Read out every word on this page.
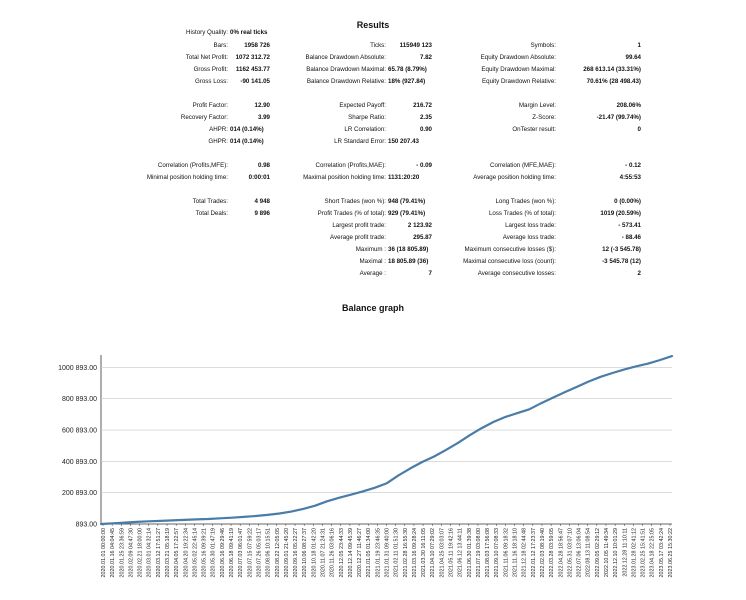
Results
History Quality: 0% real ticks
Bars:	1958 726	Ticks: 115949 123	Symbols:	1
Total Net Profit: 1072 312.72	Balance Drawdown Absolute:	7.82	Equity Drawdown Absolute:	99.64
Gross Profit: 1162 453.77	Balance Drawdown Maximal: 65.78 (8.79%)	Equity Drawdown Maximal:	268 613.14 (33.31%)
Gross Loss: -90 141.05	Balance Drawdown Relative: 18% (927.84)	Equity Drawdown Relative:	70.61% (28 498.43)
Profit Factor:	12.90	Expected Payoff:	216.72	Margin Level:	208.06%
Recovery Factor:	3.99	Sharpe Ratio:	2.35	Z-Score:	-21.47 (99.74%)
AHPR: 014 (0.14%)	LR Correlation:	0.90	OnTester result:	0
GHPR: 014 (0.14%)	LR Standard Error: 150 207.43
Correlation (Profits,MFE):	0.98	Correlation (Profits,MAE):	- 0.09	Correlation (MFE,MAE):	- 0.12
Minimal position holding time:	0:00:01	Maximal position holding time: 1131:20:20	Average position holding time:	4:55:53
Total Trades:	4 948	Short Trades (won %): 948 (79.41%)	Long Trades (won %):	0 (0.00%)
Total Deals:	9 896	Profit Trades (% of total): 929 (79.41%)	Loss Trades (% of total):	1019 (20.59%)
Largest profit trade:	2 123.92	Largest loss trade:	- 573.41
Average profit trade:	295.87	Average loss trade:	- 88.46
Maximum : 36 (18 805.89)	Maximum consecutive losses ($):	12 (-3 545.78)
Maximal : 18 805.89 (36)	Maximal consecutive loss (count):	-3 545.78 (12)
Average :	7	Average consecutive losses:	2
Balance graph
893.00
200 893.00
400 893.00
600 893.00
800 893.00
1000 893.00
2020.01.01 00:00:00 2020.01.16 04:04:45 2020.01.25 23:36:59 2020.02.09 04:47:30 2020.02.21 18:00:00 2020.03.01 04:32:14 2020.03.12 17:51:27 2020.03.21 05:18:19 2020.04.05 17:22:57 2020.04.20 19:22:34 2020.05.02 22:45:14 2020.05.16 09:39:21 2020.05.30 01:47:19 2020.06.16 09:29:46 2020.06.18 09:41:19 2020.07.03 06:01:47 2020.07.15 07:59:22 2020.07.26 05:03:17 2020.08.06 10:15:51 2020.08.22 12:05:05 2020.09.01 21:45:20 2020.09.16 05:22:27 2020.10.06 08:27:37 2020.10.18 01:42:20 2020.11.07 21:24:31 2020.11.26 03:06:16 2020.12.05 23:44:33 2020.12.14 09:45:39 2020.12.27 11:46:27 2021.01.05 01:34:00 2021.01.19 23:46:35 2021.01.31 09:40:00 2021.02.11 01:51:30 2021.02.28 16:55:30 2021.03.16 09:28:24 2021.03.30 16:11:05 2021.04.10 07:29:02 2021.04.25 03:03:07 2021.05.11 19:42:16 2021.06.12 13:44:11 2021.06.30 01:39:38 2021.07.19 03:08:00 2021.08.03 17:56:08 2021.09.10 07:08:33 2021.11.06 09:18:32 2021.11.16 18:18:10 2021.12.18 02:44:48 2022.01.12 17:23:37 2022.02.03 08:19:40 2022.03.28 03:59:05 2022.04.28 18:56:47 2022.05.31 03:07:10 2022.07.06 13:06:04 2022.08.13 11:08:54 2022.09.05 02:29:12 2022.10.05 11:49:34 2022.12.10 10:01:29 2022.12.28 11:10:11 2023.01.28 02:41:12 2023.02.25 15:41:51 2023.04.18 22:25:05 2023.05.17 03:42:24 2023.06.25 15:30:22
